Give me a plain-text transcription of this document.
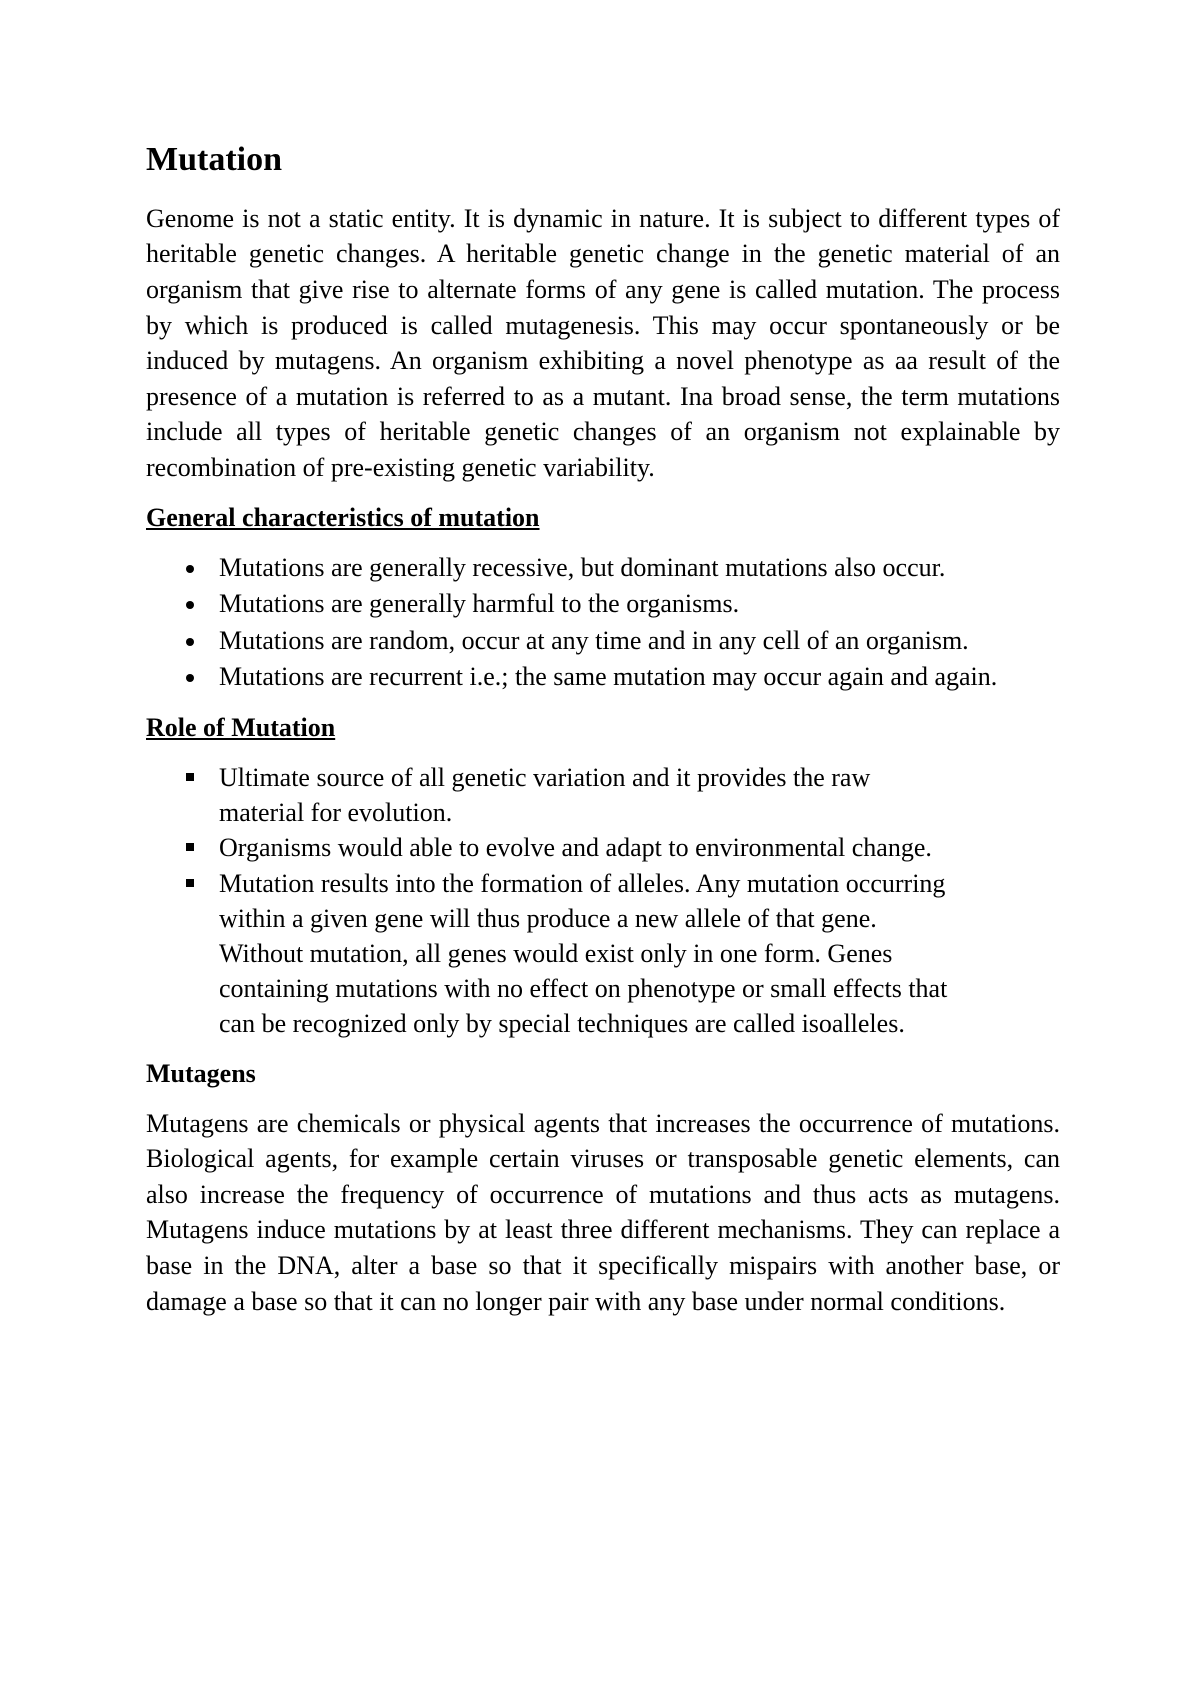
Mutation

Genome is not a static entity. It is dynamic in nature. It is subject to different types of heritable genetic changes. A heritable genetic change in the genetic material of an organism that give rise to alternate forms of any gene is called mutation. The process by which is produced is called mutagenesis. This may occur spontaneously or be induced by mutagens. An organism exhibiting a novel phenotype as aa result of the presence of a mutation is referred to as a mutant. Ina broad sense, the term mutations include all types of heritable genetic changes of an organism not explainable by recombination of pre-existing genetic variability.

General characteristics of mutation
Mutations are generally recessive, but dominant mutations also occur.
Mutations are generally harmful to the organisms.
Mutations are random, occur at any time and in any cell of an organism.
Mutations are recurrent i.e.; the same mutation may occur again and again.
Role of Mutation
Ultimate source of all genetic variation and it provides the raw material for evolution.
Organisms would able to evolve and adapt to environmental change.
Mutation results into the formation of alleles. Any mutation occurring within a given gene will thus produce a new allele of that gene. Without mutation, all genes would exist only in one form. Genes containing mutations with no effect on phenotype or small effects that can be recognized only by special techniques are called isoalleles.
Mutagens

Mutagens are chemicals or physical agents that increases the occurrence of mutations. Biological agents, for example certain viruses or transposable genetic elements, can also increase the frequency of occurrence of mutations and thus acts as mutagens. Mutagens induce mutations by at least three different mechanisms. They can replace a base in the DNA, alter a base so that it specifically mispairs with another base, or damage a base so that it can no longer pair with any base under normal conditions.
